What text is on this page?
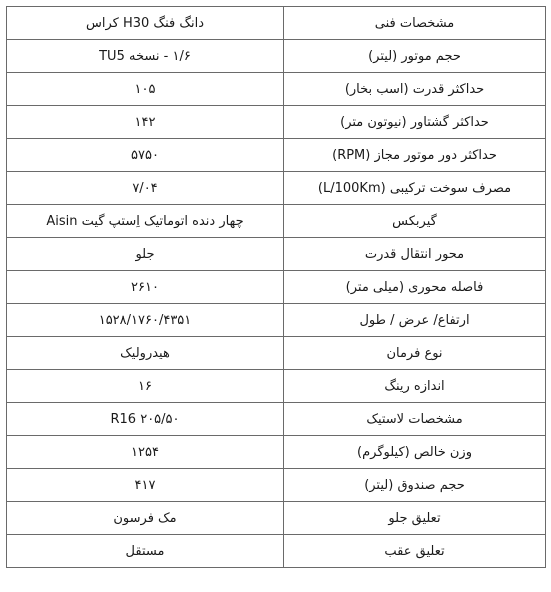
مشخصات فنی	دانگ فنگ H30 کراس
حجم موتور (لیتر)	۱/۶ - نسخه TU5
حداکثر قدرت (اسب بخار)	۱۰۵
حداکثر گشتاور (نیوتون متر)	۱۴۲
حداکثر دور موتور مجاز (RPM)	۵۷۵۰
مصرف سوخت ترکیبی (L/100Km)	۷/۰۴
گیربکس	چهار دنده اتوماتیک اِستپ گیت Aisin
محور انتقال قدرت	جلو
فاصله محوری (میلی متر)	۲۶۱۰
ارتفاع/ عرض / طول	۱۵۲۸/۱۷۶۰/۴۳۵۱
نوع فرمان	هیدرولیک
اندازه رینگ	۱۶
مشخصات لاستیک	R16 ۲۰۵/۵۰
وزن خالص (کیلوگرم)	۱۲۵۴
حجم صندوق (لیتر)	۴۱۷
تعلیق جلو	مک فرسون
تعلیق عقب	مستقل
